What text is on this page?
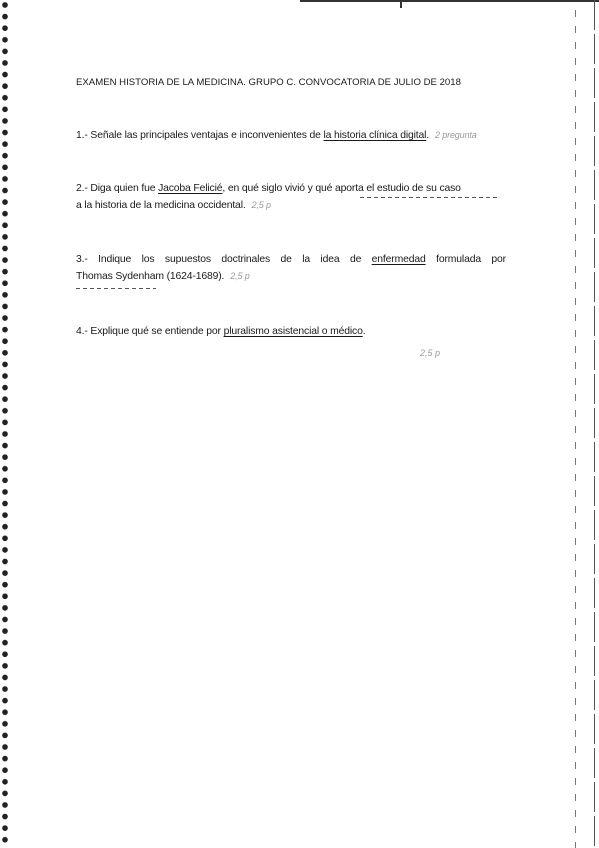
EXAMEN HISTORIA DE LA MEDICINA. GRUPO C. CONVOCATORIA DE JULIO DE 2018
1.- Señale las principales ventajas e inconvenientes de la historia clínica digital. 2 pregunta
2.- Diga quien fue Jacoba Felicié, en qué siglo vivió y qué aporta el estudio de su caso
a la historia de la medicina occidental. 2,5 p
3.- Indique los supuestos doctrinales de la idea de enfermedad formulada por
Thomas Sydenham (1624-1689). 2,5 p
4.- Explique qué se entiende por pluralismo asistencial o médico.
2,5 p
